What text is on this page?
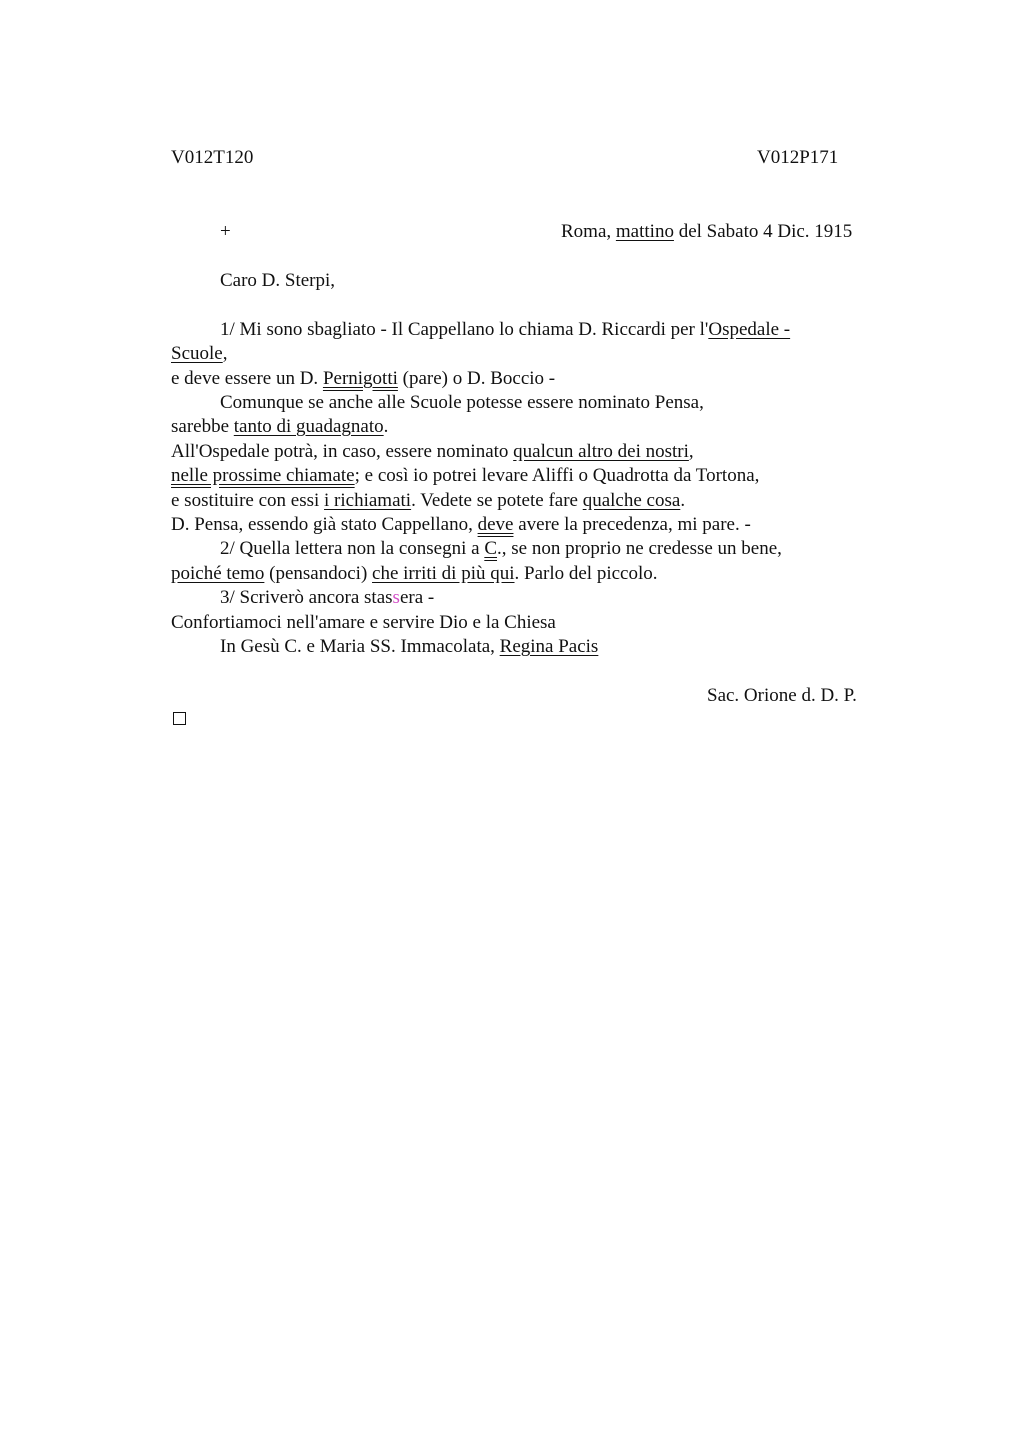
V012T120	V012P171
+	Roma, mattino del Sabato 4 Dic. 1915
Caro D. Sterpi,
1/ Mi sono sbagliato - Il Cappellano lo chiama D. Riccardi per l'Ospedale -
Scuole,
e deve essere un D. Pernigotti (pare) o D. Boccio -
Comunque se anche alle Scuole potesse essere nominato Pensa,
sarebbe tanto di guadagnato.
All'Ospedale potrà, in caso, essere nominato qualcun altro dei nostri,
nelle prossime chiamate; e così io potrei levare Aliffi o Quadrotta da Tortona,
e sostituire con essi i richiamati. Vedete se potete fare qualche cosa.
D. Pensa, essendo già stato Cappellano, deve avere la precedenza, mi pare. -
2/ Quella lettera non la consegni a C., se non proprio ne credesse un bene,
poiché temo (pensandoci) che irriti di più qui. Parlo del piccolo.
3/ Scriverò ancora stassera -
Confortiamoci nell'amare e servire Dio e la Chiesa
In Gesù C. e Maria SS. Immacolata, Regina Pacis
Sac. Orione d. D. P.
